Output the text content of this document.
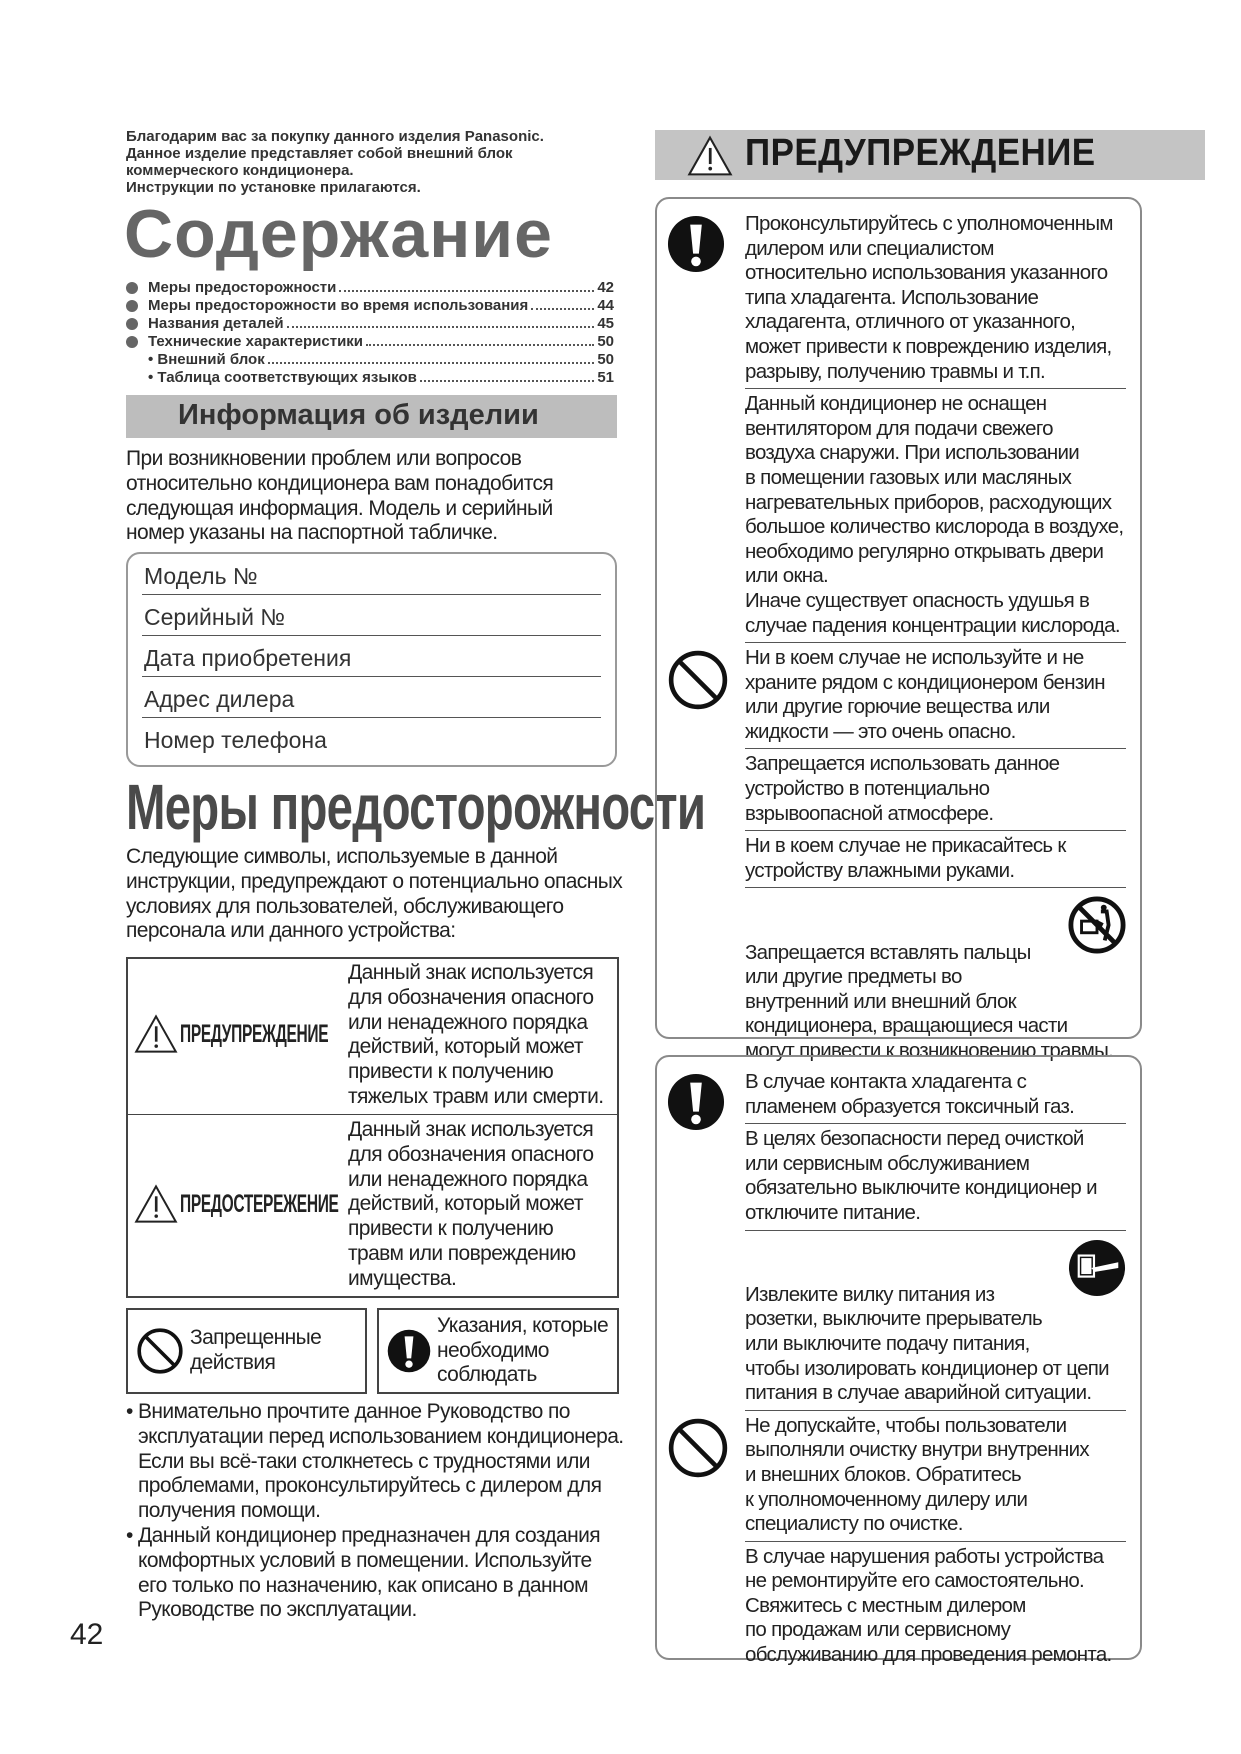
Благодарим вас за покупку данного изделия Panasonic.
Данное изделие представляет собой внешний блок
коммерческого кондиционера.
Инструкции по установке прилагаются.
Содержание
Меры предосторожности	42
Меры предосторожности во время использования	44
Названия деталей	45
Технические характеристики	50
• Внешний блок	50
• Таблица соответствующих языков	51
Информация об изделии
При возникновении проблем или вопросов
относительно кондиционера вам понадобится
следующая информация. Модель и серийный
номер указаны на паспортной табличке.
Модель №
Серийный №
Дата приобретения
Адрес дилера
Номер телефона
Меры предосторожности
Следующие символы, используемые в данной
инструкции, предупреждают о потенциально опасных
условиях для пользователей, обслуживающего
персонала или данного устройства:
ПРЕДУПРЕЖДЕНИЕ
Данный знак используется
для обозначения опасного
или ненадежного порядка
действий, который может
привести к получению
тяжелых травм или смерти.
ПРЕДОСТЕРЕЖЕНИЕ
Данный знак используется
для обозначения опасного
или ненадежного порядка
действий, который может
привести к получению
травм или повреждению
имущества.
Запрещенные
действия
Указания, которые
необходимо
соблюдать
• Внимательно прочтите данное Руководство по
эксплуатации перед использованием кондиционера.
Если вы всё-таки столкнетесь с трудностями или
проблемами, проконсультируйтесь с дилером для
получения помощи.
• Данный кондиционер предназначен для создания
комфортных условий в помещении. Используйте
его только по назначению, как описано в данном
Руководстве по эксплуатации.
42
ПРЕДУПРЕЖДЕНИЕ
Проконсультируйтесь с уполномоченным
дилером или специалистом
относительно использования указанного
типа хладагента. Использование
хладагента, отличного от указанного,
может привести к повреждению изделия,
разрыву, получению травмы и т.п.
Данный кондиционер не оснащен
вентилятором для подачи свежего
воздуха снаружи. При использовании
в помещении газовых или масляных
нагревательных приборов, расходующих
большое количество кислорода в воздухе,
необходимо регулярно открывать двери
или окна.
Иначе существует опасность удушья в
случае падения концентрации кислорода.
Ни в коем случае не используйте и не
храните рядом с кондиционером бензин
или другие горючие вещества или
жидкости — это очень опасно.
Запрещается использовать данное
устройство в потенциально
взрывоопасной атмосфере.
Ни в коем случае не прикасайтесь к
устройству влажными руками.

Запрещается вставлять пальцы
или другие предметы во
внутренний или внешний блок
кондиционера, вращающиеся части
могут привести к возникновению травмы.

В случае контакта хладагента с
пламенем образуется токсичный газ.
В целях безопасности перед очисткой
или сервисным обслуживанием
обязательно выключите кондиционер и
отключите питание.

Извлеките вилку питания из
розетки, выключите прерыватель
или выключите подачу питания,
чтобы изолировать кондиционер от цепи
питания в случае аварийной ситуации.

Не допускайте, чтобы пользователи
выполняли очистку внутри внутренних
и внешних блоков. Обратитесь
к уполномоченному дилеру или
специалисту по очистке.
В случае нарушения работы устройства
не ремонтируйте его самостоятельно.
Свяжитесь с местным дилером
по продажам или сервисному
обслуживанию для проведения ремонта.
